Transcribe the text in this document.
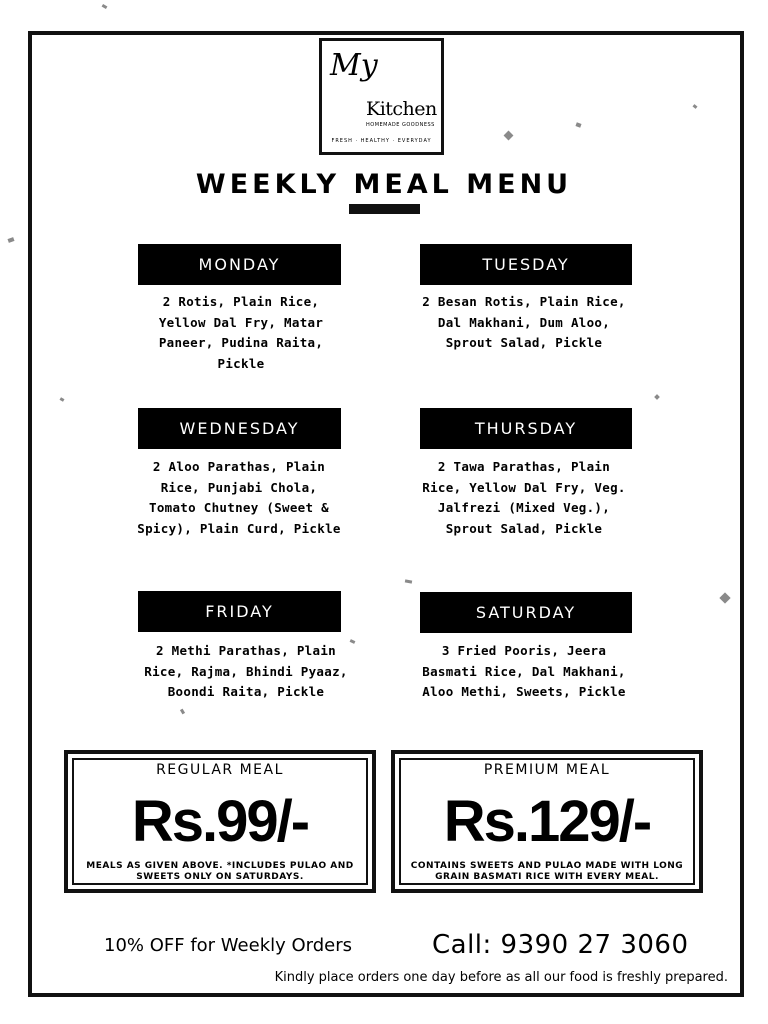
My
Kitchen
HOMEMADE GOODNESS
FRESH · HEALTHY · EVERYDAY
WEEKLY MEAL MENU
MONDAY
2 Rotis, Plain Rice, Yellow Dal Fry, Matar Paneer, Pudina Raita, Pickle
TUESDAY
2 Besan Rotis, Plain Rice, Dal Makhani, Dum Aloo, Sprout Salad, Pickle
WEDNESDAY
2 Aloo Parathas, Plain Rice, Punjabi Chola, Tomato Chutney (Sweet & Spicy), Plain Curd, Pickle
THURSDAY
2 Tawa Parathas, Plain Rice, Yellow Dal Fry, Veg. Jalfrezi (Mixed Veg.), Sprout Salad, Pickle
FRIDAY
2 Methi Parathas, Plain Rice, Rajma, Bhindi Pyaaz, Boondi Raita, Pickle
SATURDAY
3 Fried Pooris, Jeera Basmati Rice, Dal Makhani, Aloo Methi, Sweets, Pickle
REGULAR MEAL
Rs.99/-
MEALS AS GIVEN ABOVE. *INCLUDES PULAO AND SWEETS ONLY ON SATURDAYS.
PREMIUM MEAL
Rs.129/-
CONTAINS SWEETS AND PULAO MADE WITH LONG GRAIN BASMATI RICE WITH EVERY MEAL.
10% OFF for Weekly Orders	Call: 9390 27 3060
Kindly place orders one day before as all our food is freshly prepared.
